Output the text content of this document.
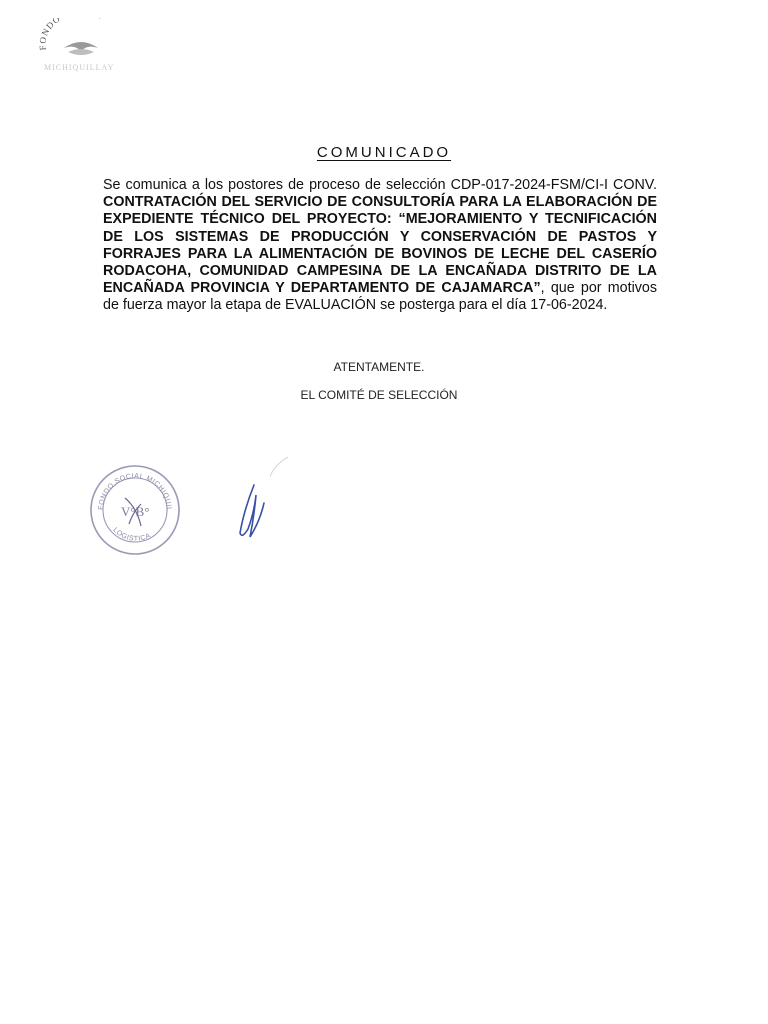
FONDO
MICHIQUILLAY
COMUNICADO
Se comunica a los postores de proceso de selección CDP-017-2024-FSM/CI-I CONV. CONTRATACIÓN DEL SERVICIO DE CONSULTORÍA PARA LA ELABORACIÓN DE EXPEDIENTE TÉCNICO DEL PROYECTO: “MEJORAMIENTO Y TECNIFICACIÓN DE LOS SISTEMAS DE PRODUCCIÓN Y CONSERVACIÓN DE PASTOS Y FORRAJES PARA LA ALIMENTACIÓN DE BOVINOS DE LECHE DEL CASERÍO RODACOHA, COMUNIDAD CAMPESINA DE LA ENCAÑADA DISTRITO DE LA ENCAÑADA PROVINCIA Y DEPARTAMENTO DE CAJAMARCA”, que por motivos de fuerza mayor la etapa de EVALUACIÓN se posterga para el día 17-06-2024.
ATENTAMENTE.
EL COMITÉ DE SELECCIÓN
FONDO SOCIAL MICHIQUIL
LOGISTICA
V°B°
